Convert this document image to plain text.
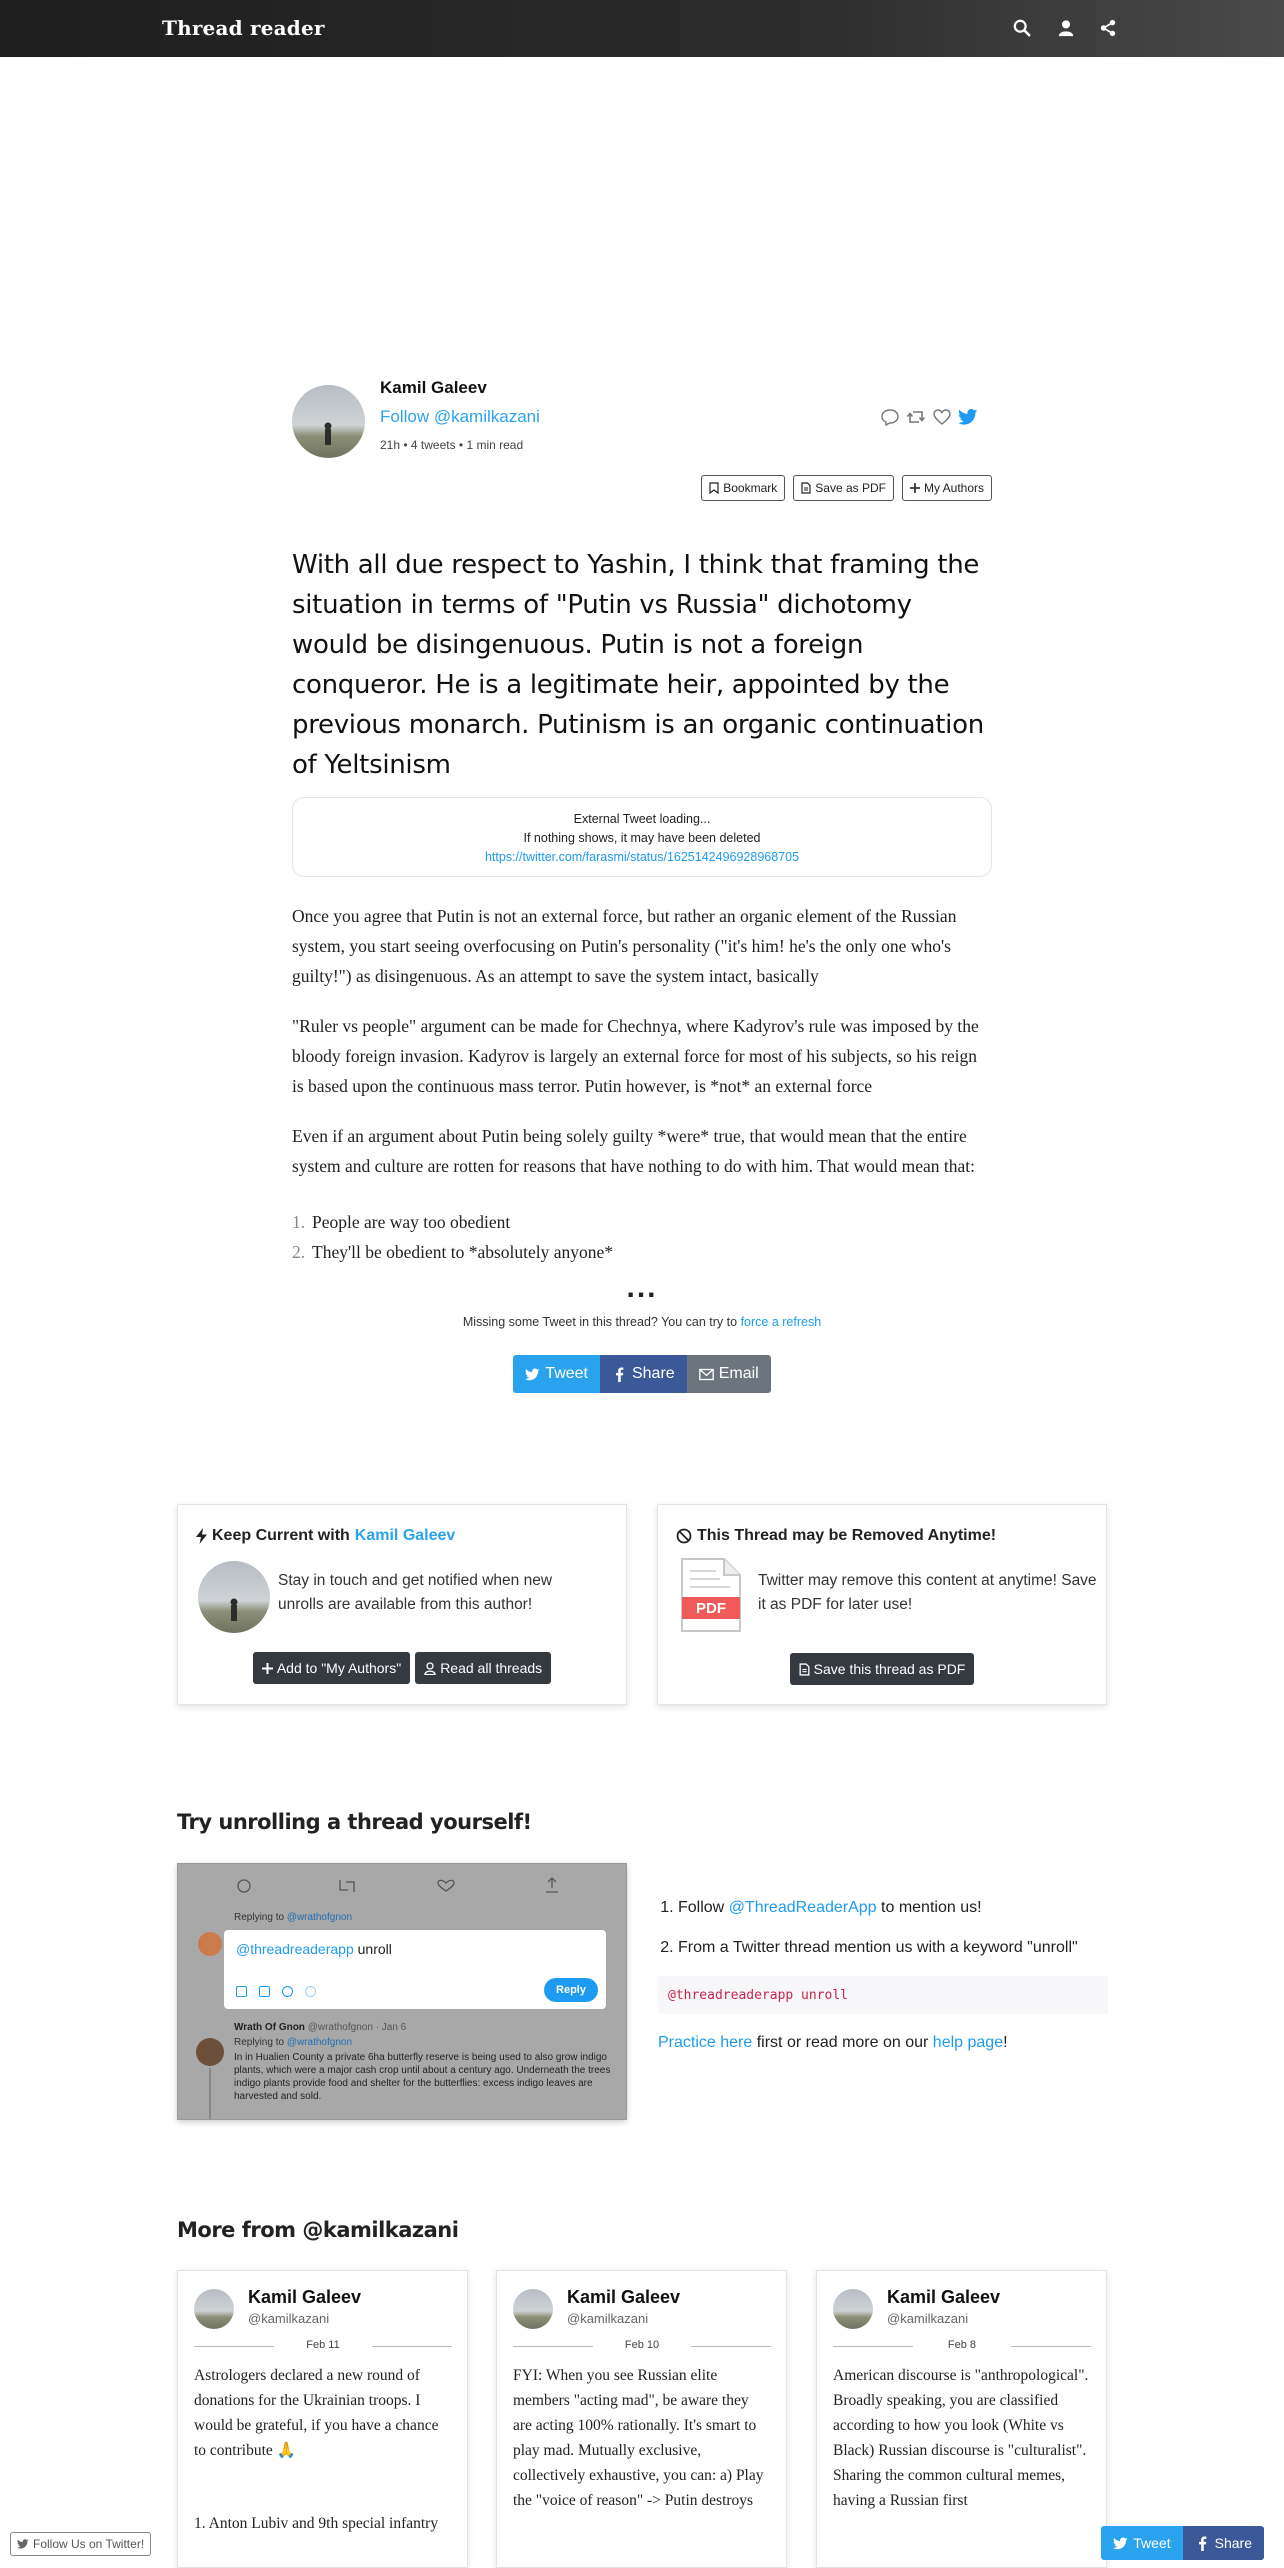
Thread reader
Kamil Galeev
Follow @kamilkazani
21h • 4 tweets • 1 min read
Bookmark	Save as PDF	My Authors
With all due respect to Yashin, I think that framing the situation in terms of "Putin vs Russia" dichotomy would be disingenuous. Putin is not a foreign conqueror. He is a legitimate heir, appointed by the previous monarch. Putinism is an organic continuation of Yeltsinism
External Tweet loading...
If nothing shows, it may have been deleted
https://twitter.com/farasmi/status/1625142496928968705
Once you agree that Putin is not an external force, but rather an organic element of the Russian system, you start seeing overfocusing on Putin's personality ("it's him! he's the only one who's guilty!") as disingenuous. As an attempt to save the system intact, basically
"Ruler vs people" argument can be made for Chechnya, where Kadyrov's rule was imposed by the bloody foreign invasion. Kadyrov is largely an external force for most of his subjects, so his reign is based upon the continuous mass terror. Putin however, is *not* an external force
Even if an argument about Putin being solely guilty *were* true, that would mean that the entire system and culture are rotten for reasons that have nothing to do with him. That would mean that:
1. People are way too obedient
2. They'll be obedient to *absolutely anyone*
...
Missing some Tweet in this thread? You can try to force a refresh
Tweet	Share	Email
Keep Current with Kamil Galeev
Stay in touch and get notified when new unrolls are available from this author!
Add to "My Authors"	Read all threads
This Thread may be Removed Anytime!
PDF
Twitter may remove this content at anytime! Save it as PDF for later use!
Save this thread as PDF
Try unrolling a thread yourself!
Replying to @wrathofgnon
@threadreaderapp unroll
Reply
Wrath Of Gnon @wrathofgnon · Jan 6
Replying to @wrathofgnon
In in Hualien County a private 6ha butterfly reserve is being used to also grow indigo plants, which were a major cash crop until about a century ago. Underneath the trees indigo plants provide food and shelter for the butterflies: excess indigo leaves are harvested and sold.
1. Follow @ThreadReaderApp to mention us!
2. From a Twitter thread mention us with a keyword "unroll"
@threadreaderapp unroll
Practice here first or read more on our help page!
More from @kamilkazani
Kamil Galeev
@kamilkazani
Feb 11
Astrologers declared a new round of donations for the Ukrainian troops. I would be grateful, if you have a chance to contribute 🙏
1. Anton Lubiv and 9th special infantry
Kamil Galeev
@kamilkazani
Feb 10
FYI: When you see Russian elite members "acting mad", be aware they are acting 100% rationally. It's smart to play mad. Mutually exclusive, collectively exhaustive, you can: a) Play the "voice of reason" -> Putin destroys
Kamil Galeev
@kamilkazani
Feb 8
American discourse is "anthropological". Broadly speaking, you are classified according to how you look (White vs Black) Russian discourse is "culturalist". Sharing the common cultural memes, having a Russian first
Follow Us on Twitter!	Tweet	Share
